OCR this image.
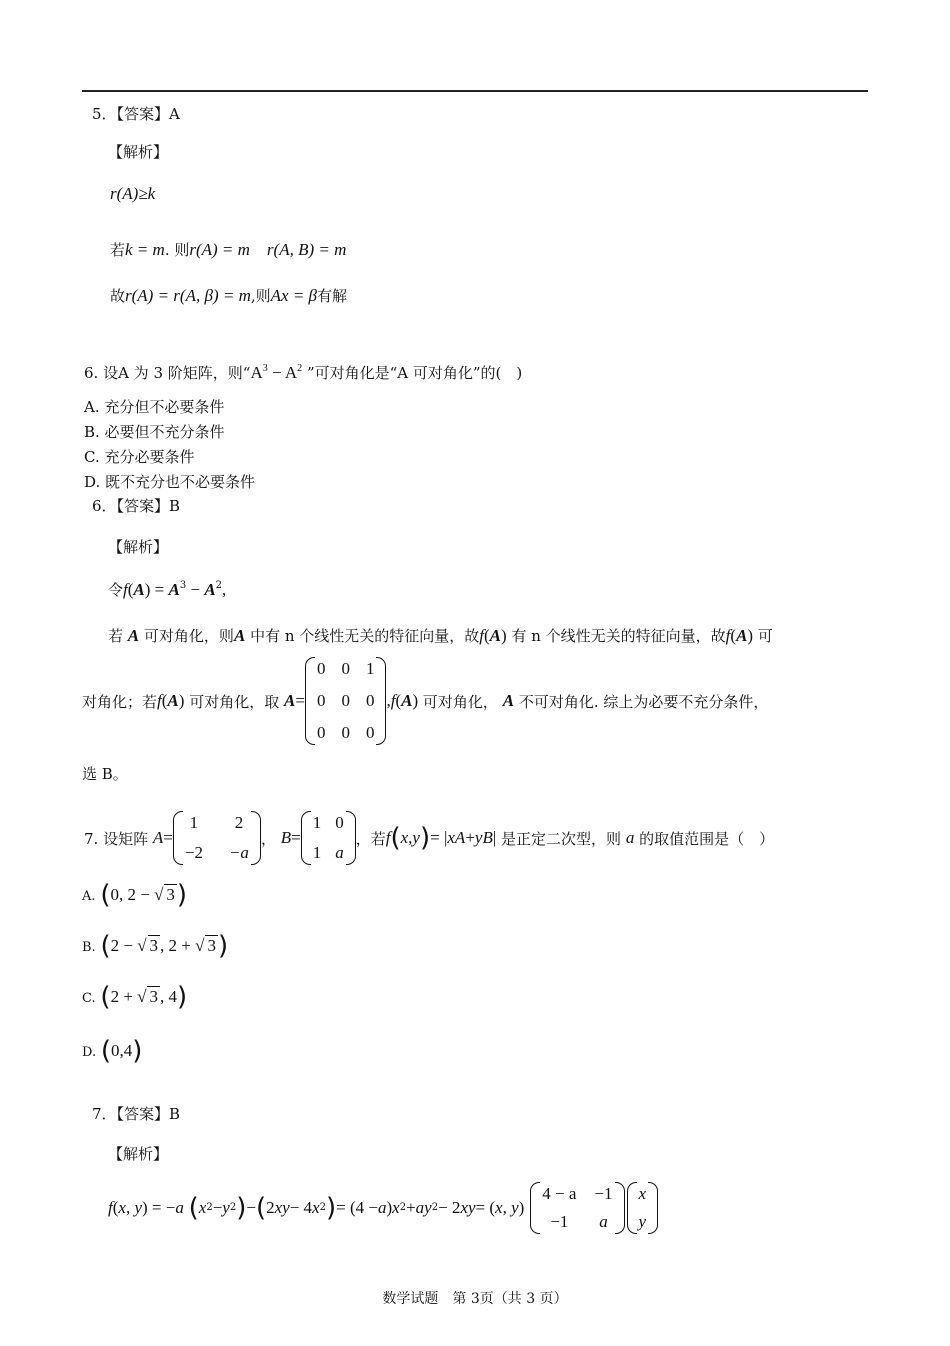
5．【答案】A
【解析】
r(A)≥k
若k = m. 则r(A) = m　r(A, B) = m
故r(A) = r(A, β) = m,则Ax = β有解
6. 设A 为 3 阶矩阵，则“$A^3 - A^2$ ”可对角化是“A 可对角化”的(　)
A. 充分但不必要条件
B. 必要但不充分条件
C. 充分必要条件
D. 既不充分也不必要条件
6．【答案】B
【解析】
令$f(A) = A^3 - A^2$,
若 A 可对角化，则A 中有 n 个线性无关的特征向量，故f(A) 有 n 个线性无关的特征向量，故f(A) 可
对角化；若 f ( A )
可对角化，取
A =
0 0 1
0 0 0
0 0 0
, f ( A )
可对角化，
A
不可对角化. 综上为必要不充分条件，
选 B。
7. 设矩阵
A =
1	2
−2 −a
，
B =
1 0
1 a
，若 f ( x,y ) = | xA + yB |
是正定二次型，则
a
的取值范围是（　）
A. (0, 2 − √ 3)
B. (2 − √ 3 , 2 + √ 3)
C. (2 + √ 3 , 4)
D. (0,4)
7．【答案】B
【解析】
f ( x, y ) = − a
( x 2 − y 2 ) − ( 2 xy − 4 x 2 ) = (4 − a ) x 2 + ay 2 − 2 xy = ( x, y )
4 − a −1
−1	a
x
y
数学试题　第 3页（共 3 页）
